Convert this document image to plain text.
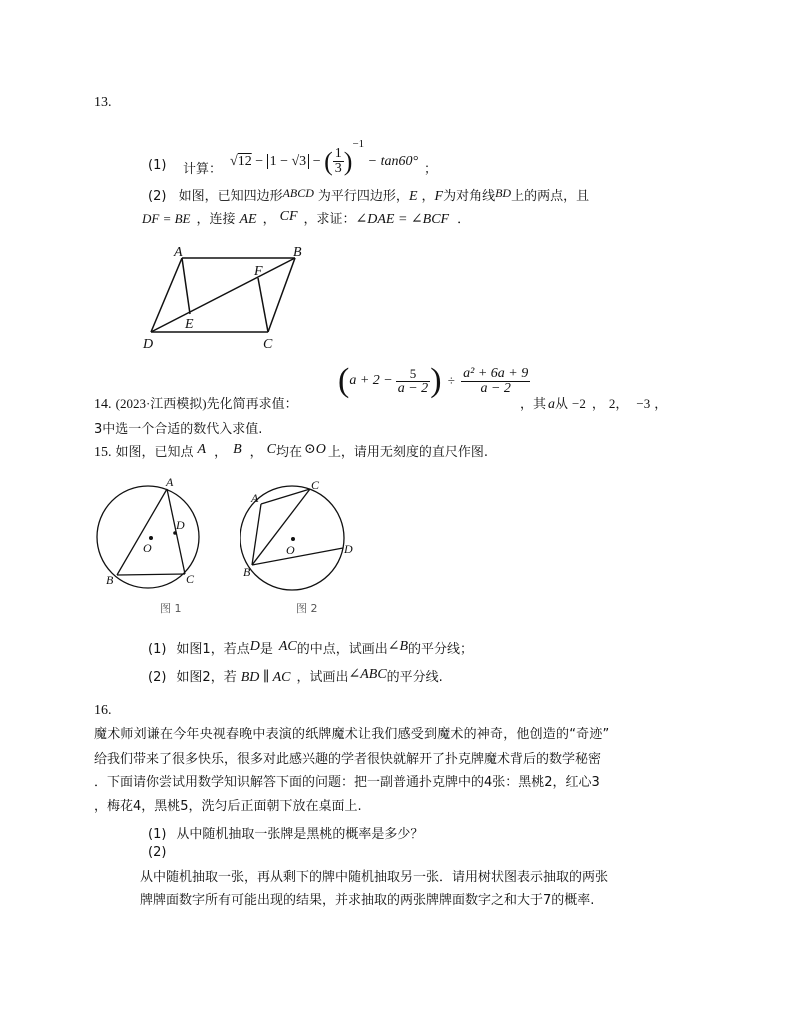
13.
(1) 计算：
√12 − 1 − √3 − ( $\frac{1}{3} )^{-1} - \tan 60^\circ$
；
(2) 如图，已知四边形ABCD 为平行四边形，E ，F为对角线BD上的两点，且
DF = BE ，连接 AE ， CF ，求证：∠DAE = ∠BCF ．
A	B
C
D
E
F
14. (2023·江西模拟)先化简再求值：
($a + 2 - \frac{5}{a - 2}$ ) ÷ $\frac{\text{a² + 6a + 9}}{a - 2}$
，其 a从 −2 ， 2， −3 ，
3中选一个合适的数代入求值.
15. 如图，已知点 A ， B ， C均在 ⊙O 上，请用无刻度的直尺作图.
A
B	C
D
O
图 1
A
C
B
D
O
图 2
(1) 如图1，若点D是 AC的中点，试画出∠B的平分线；
(2) 如图2，若 BD ∥ AC ，试画出∠ABC的平分线.
16.
魔术师刘谦在今年央视春晚中表演的纸牌魔术让我们感受到魔术的神奇，他创造的“奇迹”
给我们带来了很多快乐，很多对此感兴趣的学者很快就解开了扑克牌魔术背后的数学秘密
．下面请你尝试用数学知识解答下面的问题：把一副普通扑克牌中的4张：黑桃2，红心3
，梅花4，黑桃5，洗匀后正面朝下放在桌面上.
(1) 从中随机抽取一张牌是黑桃的概率是多少？
(2)
从中随机抽取一张，再从剩下的牌中随机抽取另一张．请用树状图表示抽取的两张
牌牌面数字所有可能出现的结果，并求抽取的两张牌牌面数字之和大于7的概率.
